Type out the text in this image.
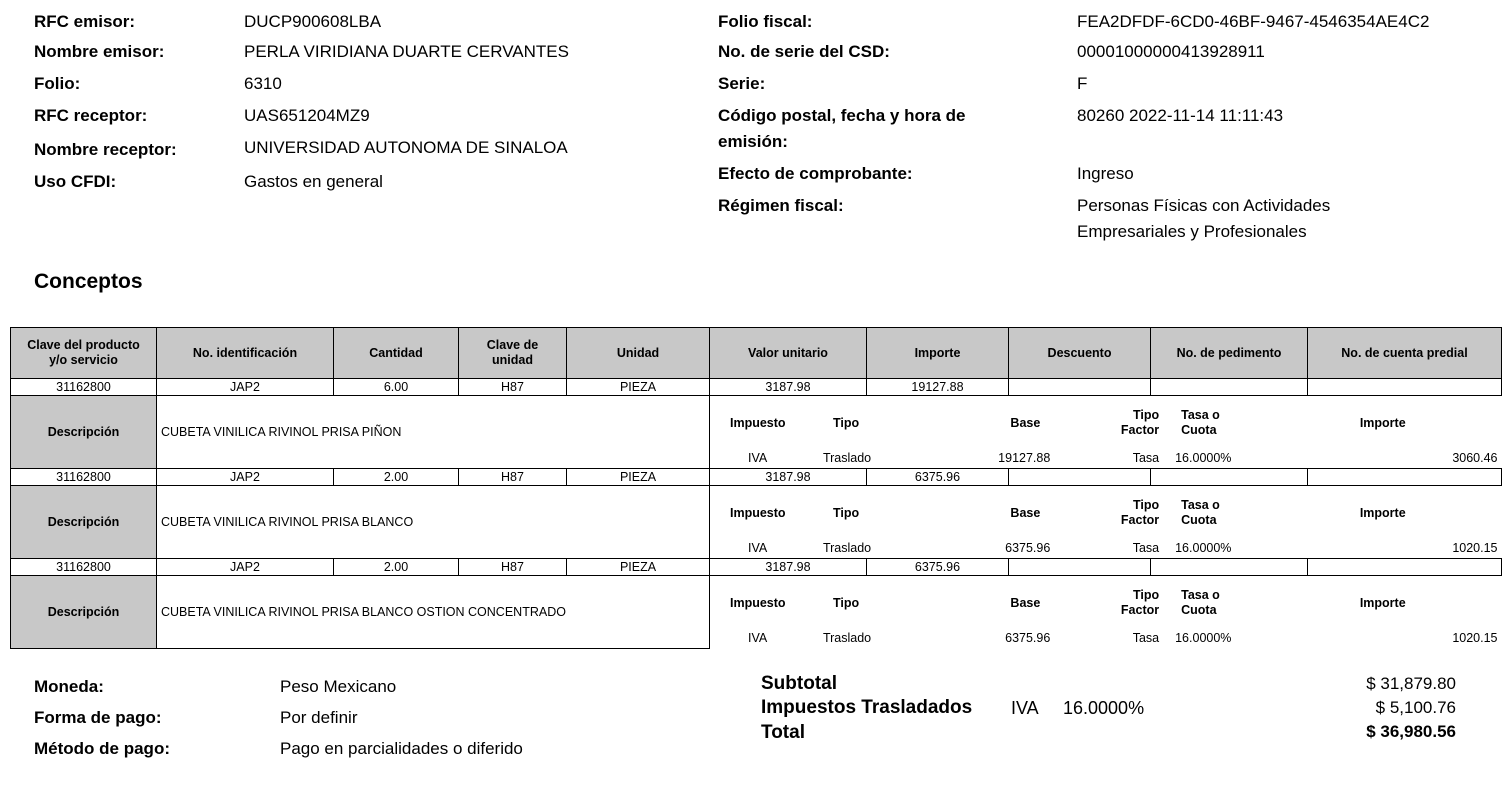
RFC emisor:	DUCP900608LBA
Nombre emisor:	PERLA VIRIDIANA DUARTE CERVANTES
Folio:	6310
RFC receptor:	UAS651204MZ9
Nombre receptor:	UNIVERSIDAD AUTONOMA DE SINALOA
Uso CFDI:	Gastos en general
Folio fiscal:	FEA2DFDF-6CD0-46BF-9467-4546354AE4C2
No. de serie del CSD:	00001000000413928911
Serie:	F
Código postal, fecha y hora de
emisión:
80260 2022-11-14 11:11:43
Efecto de comprobante:	Ingreso
Régimen fiscal:	Personas Físicas con Actividades
Empresariales y Profesionales
Conceptos
Clave del producto
y/o servicio	No. identificación	Cantidad	Clave de
unidad	Unidad	Valor unitario	Importe	Descuento	No. de pedimento	No. de cuenta predial
31162800	JAP2	6.00	H87	PIEZA	3187.98	19127.88			
Descripción	CUBETA VINILICA RIVINOL PRISA PIÑON	
Impuesto	Tipo	Base	Tipo
Factor	Tasa o
Cuota	Importe
IVA	Traslado	19127.88	Tasa	16.0000%	3060.46

31162800	JAP2	2.00	H87	PIEZA	3187.98	6375.96			
Descripción	CUBETA VINILICA RIVINOL PRISA BLANCO	
Impuesto	Tipo	Base	Tipo
Factor	Tasa o
Cuota	Importe
IVA	Traslado	6375.96	Tasa	16.0000%	1020.15

31162800	JAP2	2.00	H87	PIEZA	3187.98	6375.96			
Descripción	CUBETA VINILICA RIVINOL PRISA BLANCO OSTION CONCENTRADO	
Impuesto	Tipo	Base	Tipo
Factor	Tasa o
Cuota	Importe
IVA	Traslado	6375.96	Tasa	16.0000%	1020.15
Moneda:	Peso Mexicano
Forma de pago:	Por definir
Método de pago:	Pago en parcialidades o diferido
Subtotal	$ 31,879.80
Impuestos Trasladados IVA 16.0000%	$ 5,100.76
Total	$ 36,980.56
